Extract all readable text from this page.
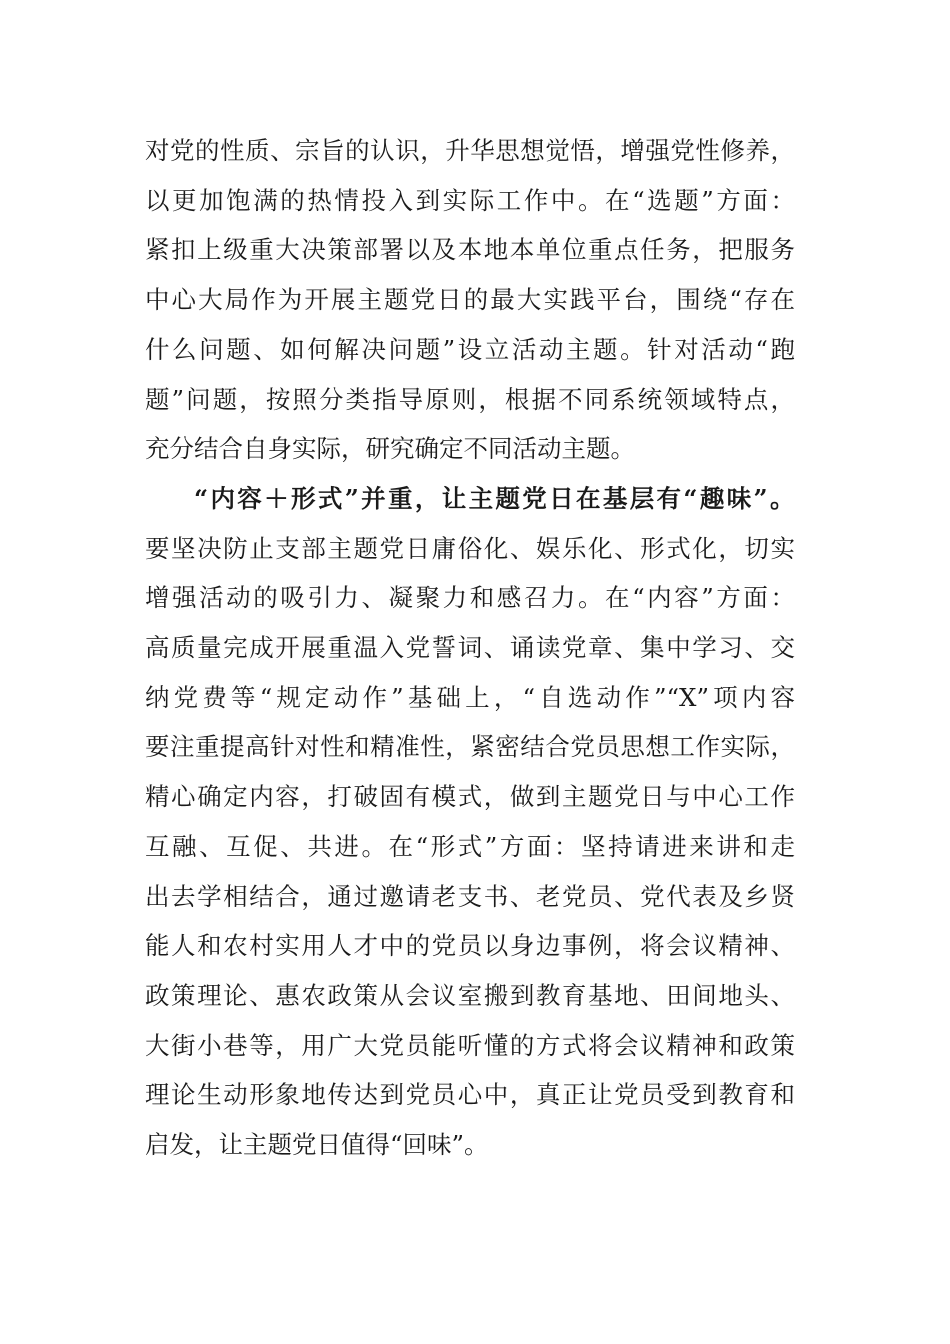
对党的性质、宗旨的认识，升华思想觉悟，增强党性修养，
以更加饱满的热情投入到实际工作中。在“选题”方面：
紧扣上级重大决策部署以及本地本单位重点任务，把服务
中心大局作为开展主题党日的最大实践平台，围绕“存在
什么问题、如何解决问题”设立活动主题。针对活动“跑
题”问题，按照分类指导原则，根据不同系统领域特点，
充分结合自身实际，研究确定不同活动主题。
“内容＋形式”并重，让主题党日在基层有“趣味”。
要坚决防止支部主题党日庸俗化、娱乐化、形式化，切实
增强活动的吸引力、凝聚力和感召力。在“内容”方面：
高质量完成开展重温入党誓词、诵读党章、集中学习、交
纳党费等“规定动作”基础上，“自选动作”“X”项内容
要注重提高针对性和精准性，紧密结合党员思想工作实际，
精心确定内容，打破固有模式，做到主题党日与中心工作
互融、互促、共进。在“形式”方面：坚持请进来讲和走
出去学相结合，通过邀请老支书、老党员、党代表及乡贤
能人和农村实用人才中的党员以身边事例，将会议精神、
政策理论、惠农政策从会议室搬到教育基地、田间地头、
大街小巷等，用广大党员能听懂的方式将会议精神和政策
理论生动形象地传达到党员心中，真正让党员受到教育和
启发，让主题党日值得“回味”。
